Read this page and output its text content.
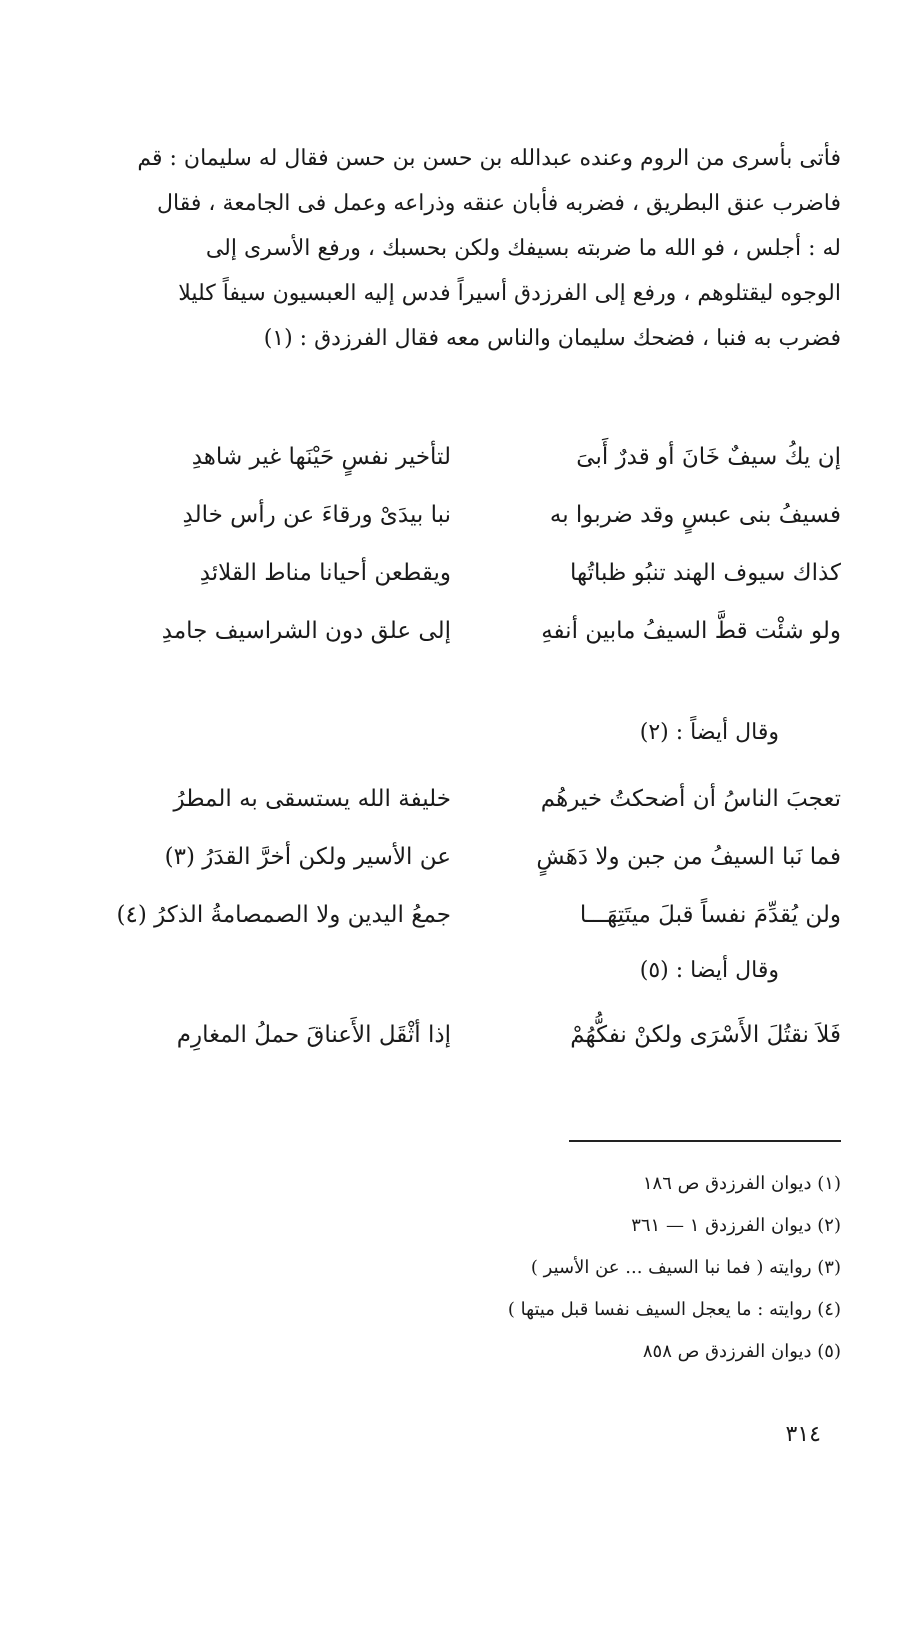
فأتى بأسرى من الروم وعنده عبدالله بن حسن بن حسن فقال له سليمان : قم

فاضرب عنق البطريق ، فضربه فأبان عنقه وذراعه وعمل فى الجامعة ، فقال

له : أجلس ، فو الله ما ضربته بسيفك ولكن بحسبك ، ورفع الأسرى إلى

الوجوه ليقتلوهم ، ورفع إلى الفرزدق أسيراً فدس إليه العبسيون سيفاً كليلا

فضرب به فنبا ، فضحك سليمان والناس معه فقال الفرزدق : (١)

إن يكُ سيفٌ خَانَ أو قدرٌ أَبىَ
لتأخير نفسٍ حَيْنَها غير شاهدِ
فسيفُ بنى عبسٍ وقد ضربوا به
نبا بيدَىْ ورقاءَ عن رأس خالدِ
كذاك سيوف الهند تنبُو ظباتُها
ويقطعن أحيانا مناط القلائدِ
ولو شئْت قطَّ السيفُ مابين أنفهِ
إلى علق دون الشراسيف جامدِ
وقال أيضاً : (٢)
تعجبَ الناسُ أن أضحكتُ خيرهُم
خليفة الله يستسقى به المطرُ
فما نَبا السيفُ من جبن ولا دَهَشٍ
عن الأسير ولكن أخرَّ القدَرُ (٣)
ولن يُقدِّمَ نفساً قبلَ ميتَتِهَـــا
جمعُ اليدين ولا الصمصامةُ الذكرُ (٤)
وقال أيضا : (٥)
فَلاَ نقتُلَ الأَسْرَى ولكنْ نفكُّهُمْ
إذا أثْقَل الأَعناقَ حملُ المغارِم

(١) ديوان الفرزدق ص ١٨٦

(٢) ديوان الفرزدق ١ — ٣٦١

(٣) روايته ( فما نبا السيف ... عن الأسير )

(٤) روايته : ما يعجل السيف نفسا قبل ميتها )

(٥) ديوان الفرزدق ص ٨٥٨

٣١٤
